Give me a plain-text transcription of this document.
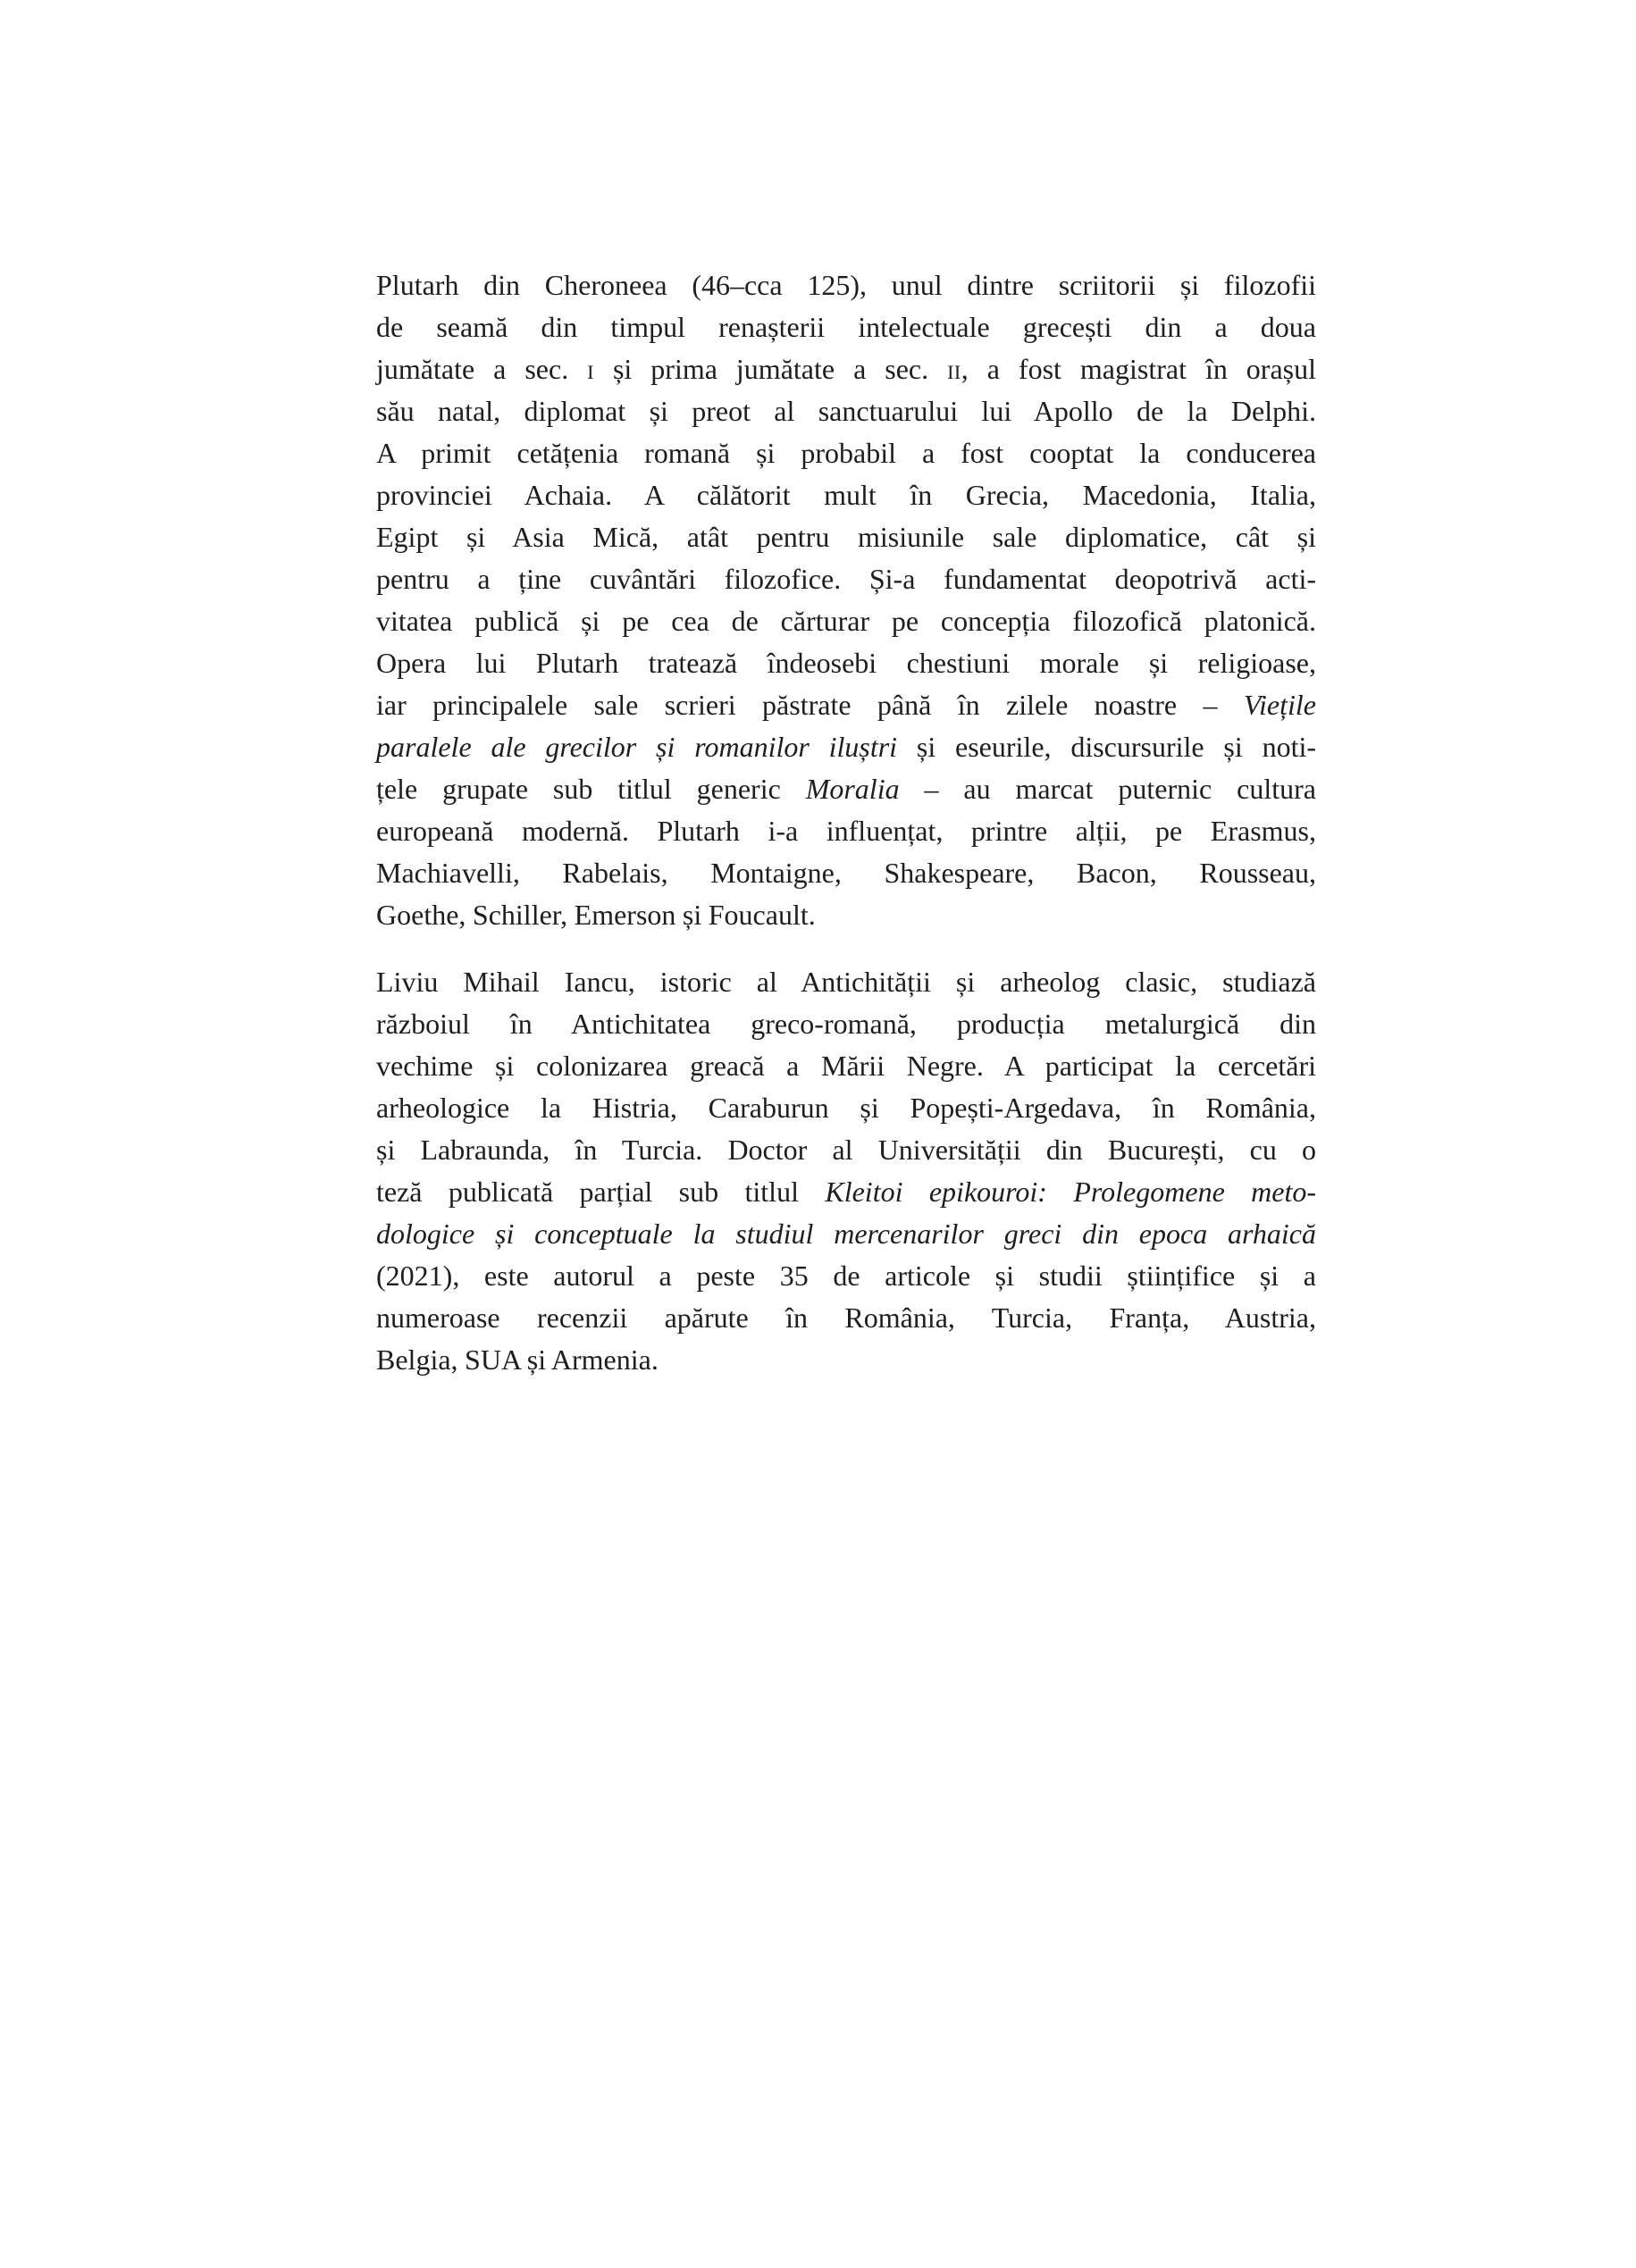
Plutarh din Cheroneea (46–cca 125), unul dintre scriitorii și filozofii
de seamă din timpul renașterii intelectuale grecești din a doua
jumătate a sec. i și prima jumătate a sec. ii, a fost magistrat în orașul
său natal, diplomat și preot al sanctuarului lui Apollo de la Delphi.
A primit cetățenia romană și probabil a fost cooptat la conducerea
provinciei Achaia. A călătorit mult în Grecia, Macedonia, Italia,
Egipt și Asia Mică, atât pentru misiunile sale diplomatice, cât și
pentru a ține cuvântări filozofice. Și-a fundamentat deopotrivă acti-
vitatea publică și pe cea de cărturar pe concepția filozofică platonică.
Opera lui Plutarh tratează îndeosebi chestiuni morale și religioase,
iar principalele sale scrieri păstrate până în zilele noastre – Viețile
paralele ale grecilor și romanilor iluștri și eseurile, discursurile și noti-
țele grupate sub titlul generic Moralia – au marcat puternic cultura
europeană modernă. Plutarh i-a influențat, printre alții, pe Erasmus,
Machiavelli, Rabelais, Montaigne, Shakespeare, Bacon, Rousseau,
Goethe, Schiller, Emerson și Foucault.

Liviu Mihail Iancu, istoric al Antichității și arheolog clasic, studiază
războiul în Antichitatea greco-romană, producția metalurgică din
vechime și colonizarea greacă a Mării Negre. A participat la cercetări
arheologice la Histria, Caraburun și Popești-Argedava, în România,
și Labraunda, în Turcia. Doctor al Universității din București, cu o
teză publicată parțial sub titlul Kleitoi epikouroi: Prolegomene meto-
dologice și conceptuale la studiul mercenarilor greci din epoca arhaică
(2021), este autorul a peste 35 de articole și studii științifice și a
numeroase recenzii apărute în România, Turcia, Franța, Austria,
Belgia, SUA și Armenia.
